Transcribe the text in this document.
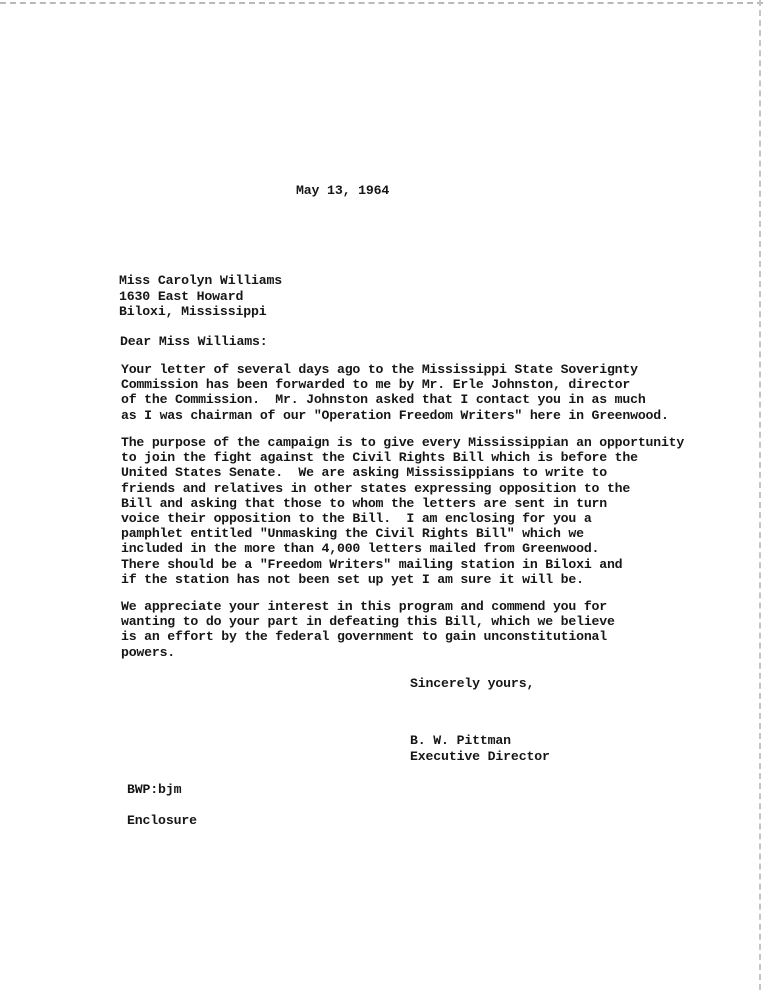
May 13, 1964
Miss Carolyn Williams
1630 East Howard
Biloxi, Mississippi
Dear Miss Williams:
Your letter of several days ago to the Mississippi State Soverignty
Commission has been forwarded to me by Mr. Erle Johnston, director
of the Commission.  Mr. Johnston asked that I contact you in as much
as I was chairman of our "Operation Freedom Writers" here in Greenwood.
The purpose of the campaign is to give every Mississippian an opportunity
to join the fight against the Civil Rights Bill which is before the
United States Senate.  We are asking Mississippians to write to
friends and relatives in other states expressing opposition to the
Bill and asking that those to whom the letters are sent in turn
voice their opposition to the Bill.  I am enclosing for you a
pamphlet entitled "Unmasking the Civil Rights Bill" which we
included in the more than 4,000 letters mailed from Greenwood.
There should be a "Freedom Writers" mailing station in Biloxi and
if the station has not been set up yet I am sure it will be.
We appreciate your interest in this program and commend you for
wanting to do your part in defeating this Bill, which we believe
is an effort by the federal government to gain unconstitutional
powers.
Sincerely yours,
B. W. Pittman
Executive Director
BWP:bjm
Enclosure
